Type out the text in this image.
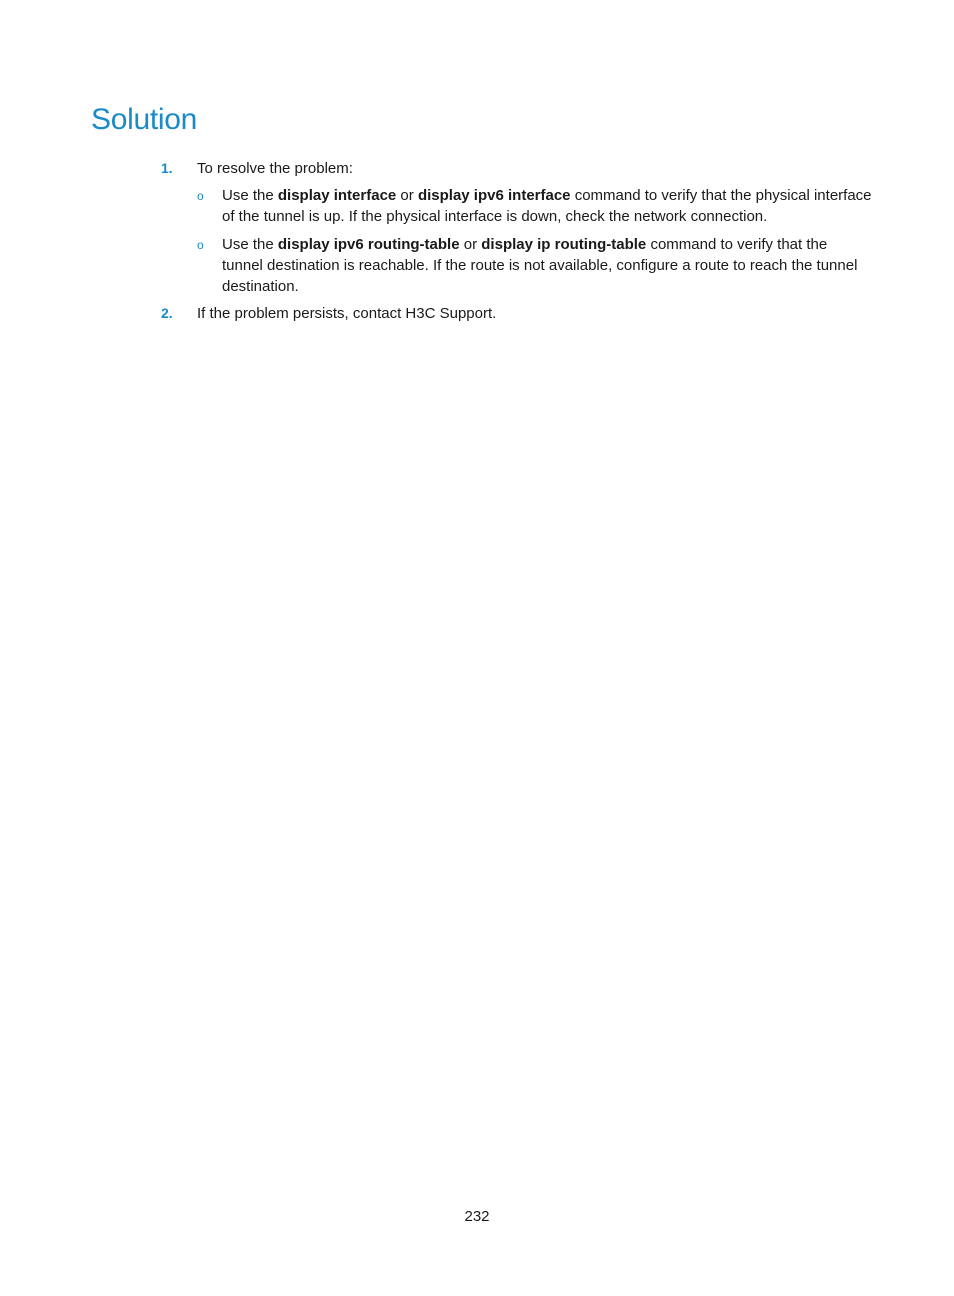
Solution
1. To resolve the problem:
o Use the display interface or display ipv6 interface command to verify that the physical interface of the tunnel is up. If the physical interface is down, check the network connection.
o Use the display ipv6 routing-table or display ip routing-table command to verify that the tunnel destination is reachable. If the route is not available, configure a route to reach the tunnel destination.
2. If the problem persists, contact H3C Support.
232
